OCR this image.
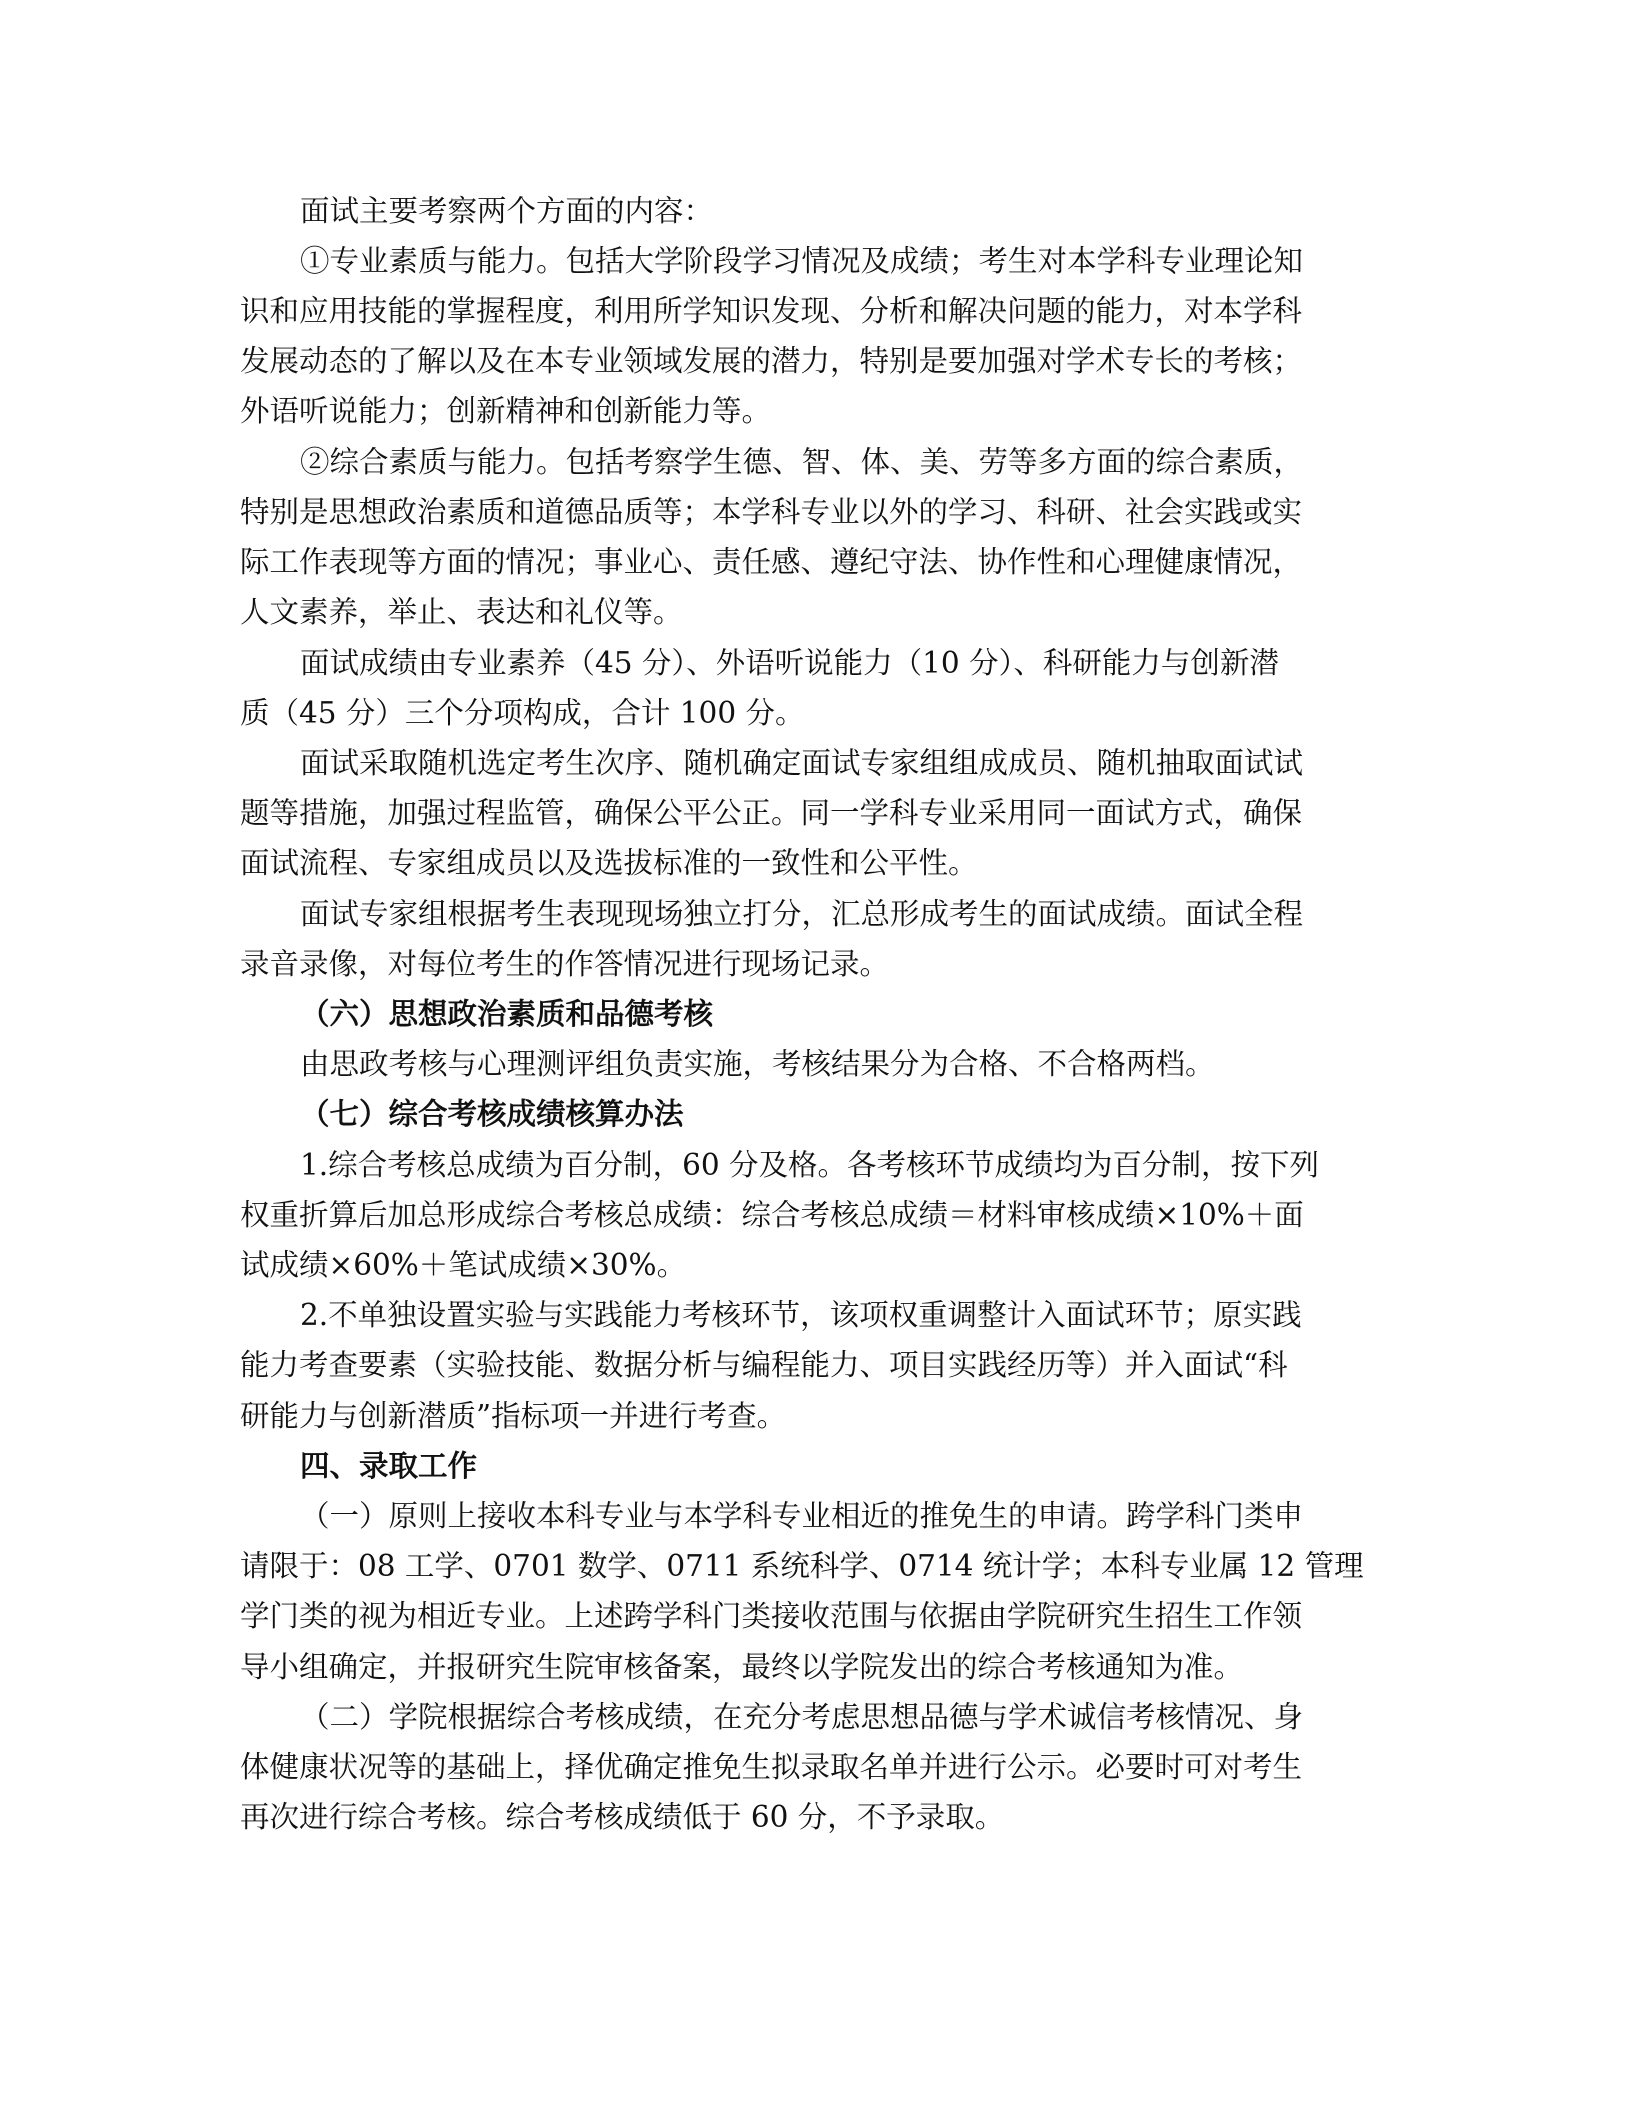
面试主要考察两个方面的内容：
①专业素质与能力。包括大学阶段学习情况及成绩；考生对本学科专业理论知
识和应用技能的掌握程度，利用所学知识发现、分析和解决问题的能力，对本学科
发展动态的了解以及在本专业领域发展的潜力，特别是要加强对学术专长的考核；
外语听说能力；创新精神和创新能力等。
②综合素质与能力。包括考察学生德、智、体、美、劳等多方面的综合素质，
特别是思想政治素质和道德品质等；本学科专业以外的学习、科研、社会实践或实
际工作表现等方面的情况；事业心、责任感、遵纪守法、协作性和心理健康情况，
人文素养，举止、表达和礼仪等。
面试成绩由专业素养（45 分）、外语听说能力（10 分）、科研能力与创新潜
质（45 分）三个分项构成，合计 100 分。
面试采取随机选定考生次序、随机确定面试专家组组成成员、随机抽取面试试
题等措施，加强过程监管，确保公平公正。同一学科专业采用同一面试方式，确保
面试流程、专家组成员以及选拔标准的一致性和公平性。
面试专家组根据考生表现现场独立打分，汇总形成考生的面试成绩。面试全程
录音录像，对每位考生的作答情况进行现场记录。
（六）思想政治素质和品德考核
由思政考核与心理测评组负责实施，考核结果分为合格、不合格两档。
（七）综合考核成绩核算办法
1.综合考核总成绩为百分制，60 分及格。各考核环节成绩均为百分制，按下列
权重折算后加总形成综合考核总成绩：综合考核总成绩＝材料审核成绩×10%＋面
试成绩×60%＋笔试成绩×30%。
2.不单独设置实验与实践能力考核环节，该项权重调整计入面试环节；原实践
能力考查要素（实验技能、数据分析与编程能力、项目实践经历等）并入面试“科
研能力与创新潜质”指标项一并进行考查。
四、录取工作
（一）原则上接收本科专业与本学科专业相近的推免生的申请。跨学科门类申
请限于：08 工学、0701 数学、0711 系统科学、0714 统计学；本科专业属 12 管理
学门类的视为相近专业。上述跨学科门类接收范围与依据由学院研究生招生工作领
导小组确定，并报研究生院审核备案，最终以学院发出的综合考核通知为准。
（二）学院根据综合考核成绩，在充分考虑思想品德与学术诚信考核情况、身
体健康状况等的基础上，择优确定推免生拟录取名单并进行公示。必要时可对考生
再次进行综合考核。综合考核成绩低于 60 分，不予录取。
